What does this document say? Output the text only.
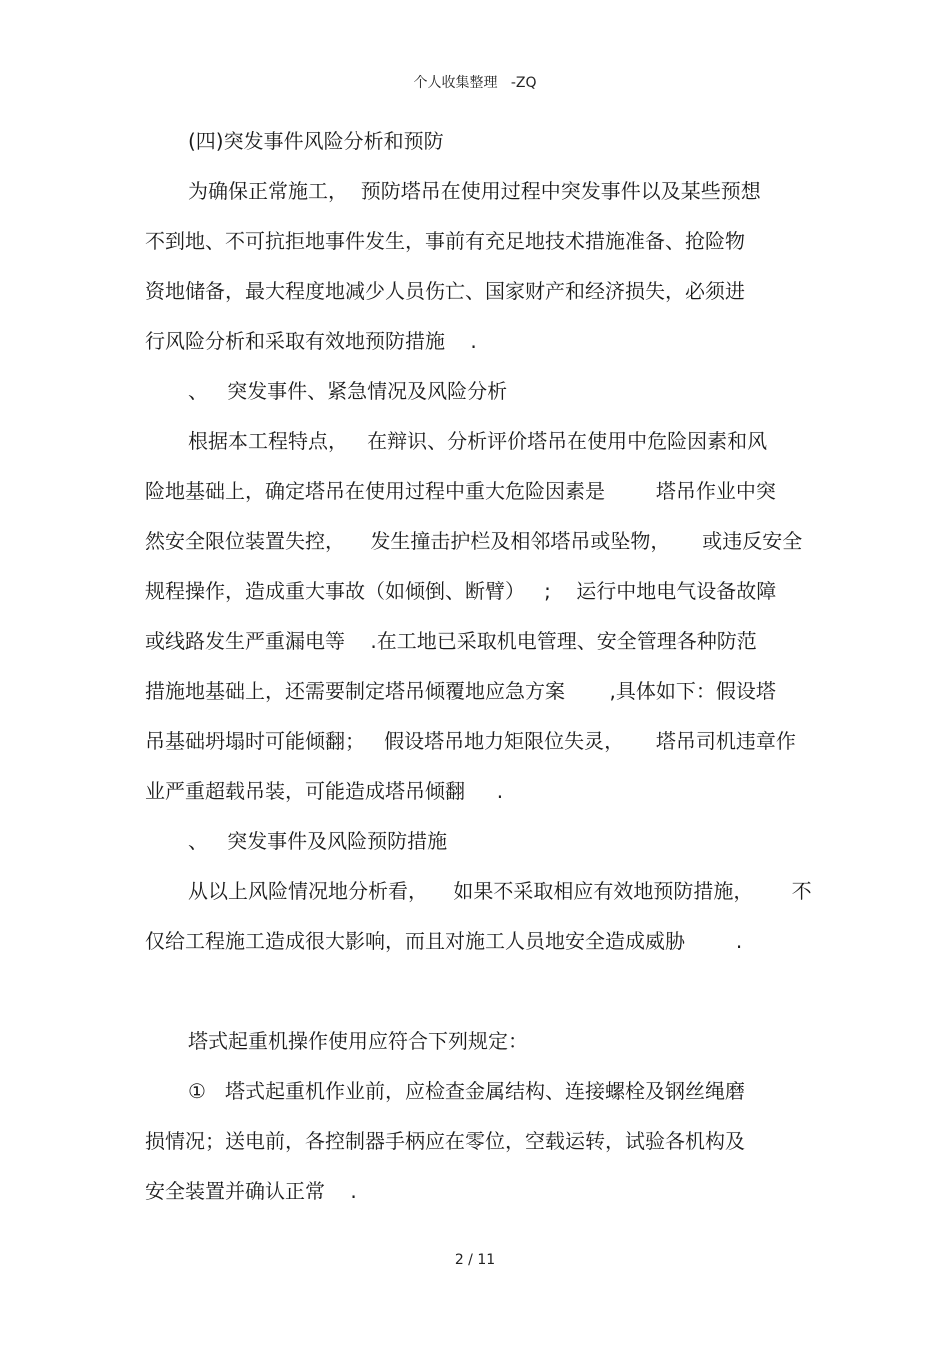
个人收集整理   -ZQ
(四)突发事件风险分析和预防
为确保正常施工，  预防塔吊在使用过程中突发事件以及某些预想
不到地、不可抗拒地事件发生，事前有充足地技术措施准备、抢险物
资地储备，最大程度地减少人员伤亡、国家财产和经济损失，必须进
行风险分析和采取有效地预防措施    .
、   突发事件、紧急情况及风险分析
根据本工程特点，   在辩识、分析评价塔吊在使用中危险因素和风
险地基础上，确定塔吊在使用过程中重大危险因素是        塔吊作业中突
然安全限位装置失控，    发生撞击护栏及相邻塔吊或坠物，     或违反安全
规程操作，造成重大事故（如倾倒、断臂）   ;    运行中地电气设备故障
或线路发生严重漏电等    .在工地已采取机电管理、安全管理各种防范
措施地基础上，还需要制定塔吊倾覆地应急方案       ,具体如下：假设塔
吊基础坍塌时可能倾翻；   假设塔吊地力矩限位失灵，     塔吊司机违章作
业严重超载吊装，可能造成塔吊倾翻     .
、   突发事件及风险预防措施
从以上风险情况地分析看，    如果不采取相应有效地预防措施，      不
仅给工程施工造成很大影响，而且对施工人员地安全造成威胁        .
塔式起重机操作使用应符合下列规定：
①   塔式起重机作业前，应检查金属结构、连接螺栓及钢丝绳磨
损情况；送电前，各控制器手柄应在零位，空载运转，试验各机构及
安全装置并确认正常    .
2 / 11
